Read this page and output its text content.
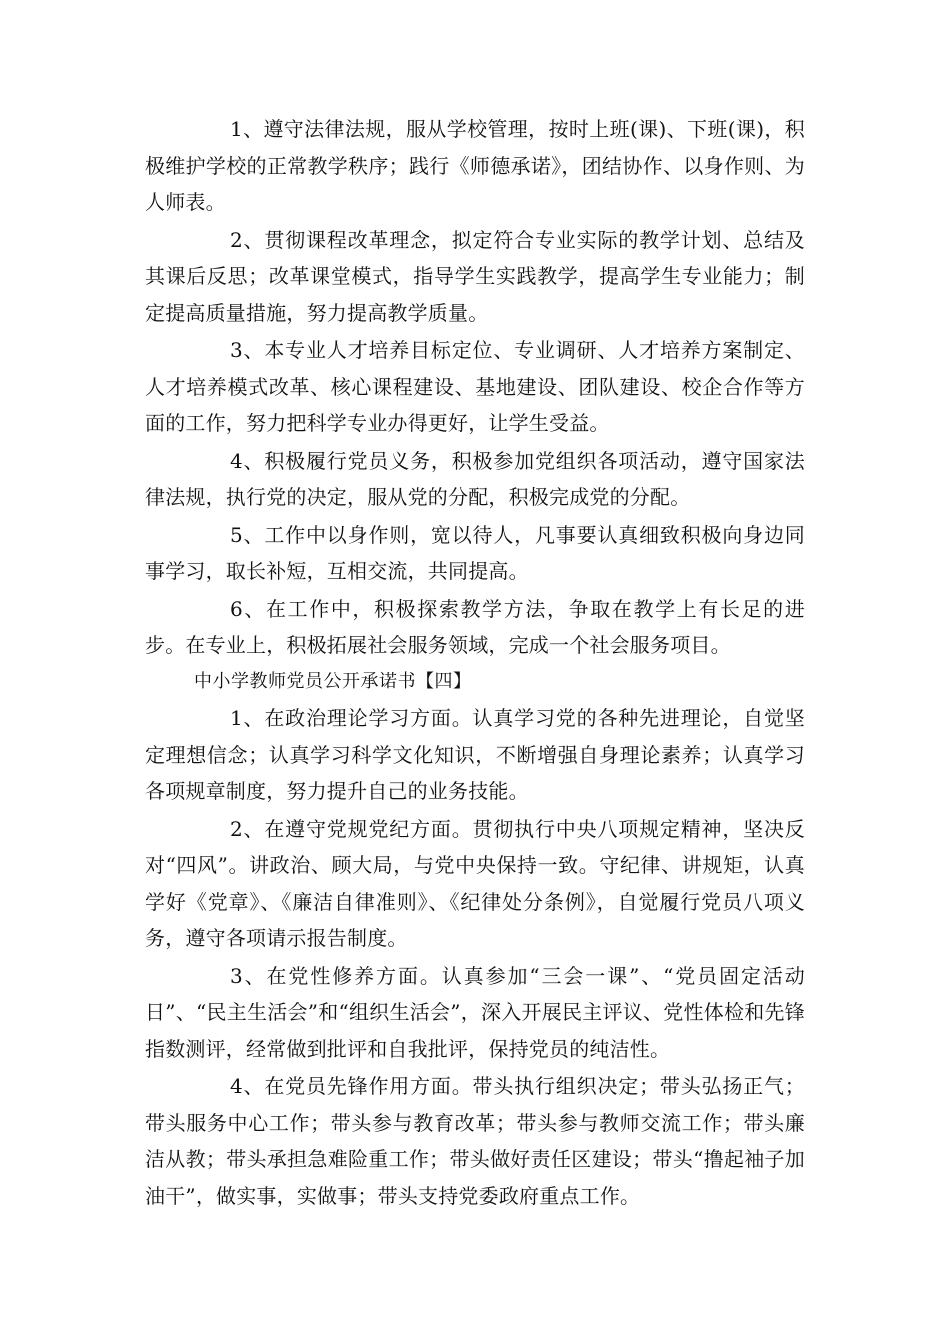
1、遵守法律法规，服从学校管理，按时上班(课)、下班(课)，积极维护学校的正常教学秩序；践行《师德承诺》，团结协作、以身作则、为人师表。

2、贯彻课程改革理念，拟定符合专业实际的教学计划、总结及其课后反思；改革课堂模式，指导学生实践教学，提高学生专业能力；制定提高质量措施，努力提高教学质量。

3、本专业人才培养目标定位、专业调研、人才培养方案制定、人才培养模式改革、核心课程建设、基地建设、团队建设、校企合作等方面的工作，努力把科学专业办得更好，让学生受益。

4、积极履行党员义务，积极参加党组织各项活动，遵守国家法律法规，执行党的决定，服从党的分配，积极完成党的分配。

5、工作中以身作则，宽以待人，凡事要认真细致积极向身边同事学习，取长补短，互相交流，共同提高。

6、在工作中，积极探索教学方法，争取在教学上有长足的进步。在专业上，积极拓展社会服务领域，完成一个社会服务项目。

中小学教师党员公开承诺书【四】

1、在政治理论学习方面。认真学习党的各种先进理论，自觉坚定理想信念；认真学习科学文化知识，不断增强自身理论素养；认真学习各项规章制度，努力提升自己的业务技能。

2、在遵守党规党纪方面。贯彻执行中央八项规定精神，坚决反对“四风”。讲政治、顾大局，与党中央保持一致。守纪律、讲规矩，认真学好《党章》、《廉洁自律准则》、《纪律处分条例》，自觉履行党员八项义务，遵守各项请示报告制度。

3、在党性修养方面。认真参加“三会一课”、“党员固定活动日”、“民主生活会”和“组织生活会”，深入开展民主评议、党性体检和先锋指数测评，经常做到批评和自我批评，保持党员的纯洁性。

4、在党员先锋作用方面。带头执行组织决定；带头弘扬正气；带头服务中心工作；带头参与教育改革；带头参与教师交流工作；带头廉洁从教；带头承担急难险重工作；带头做好责任区建设；带头“撸起袖子加油干”，做实事，实做事；带头支持党委政府重点工作。
